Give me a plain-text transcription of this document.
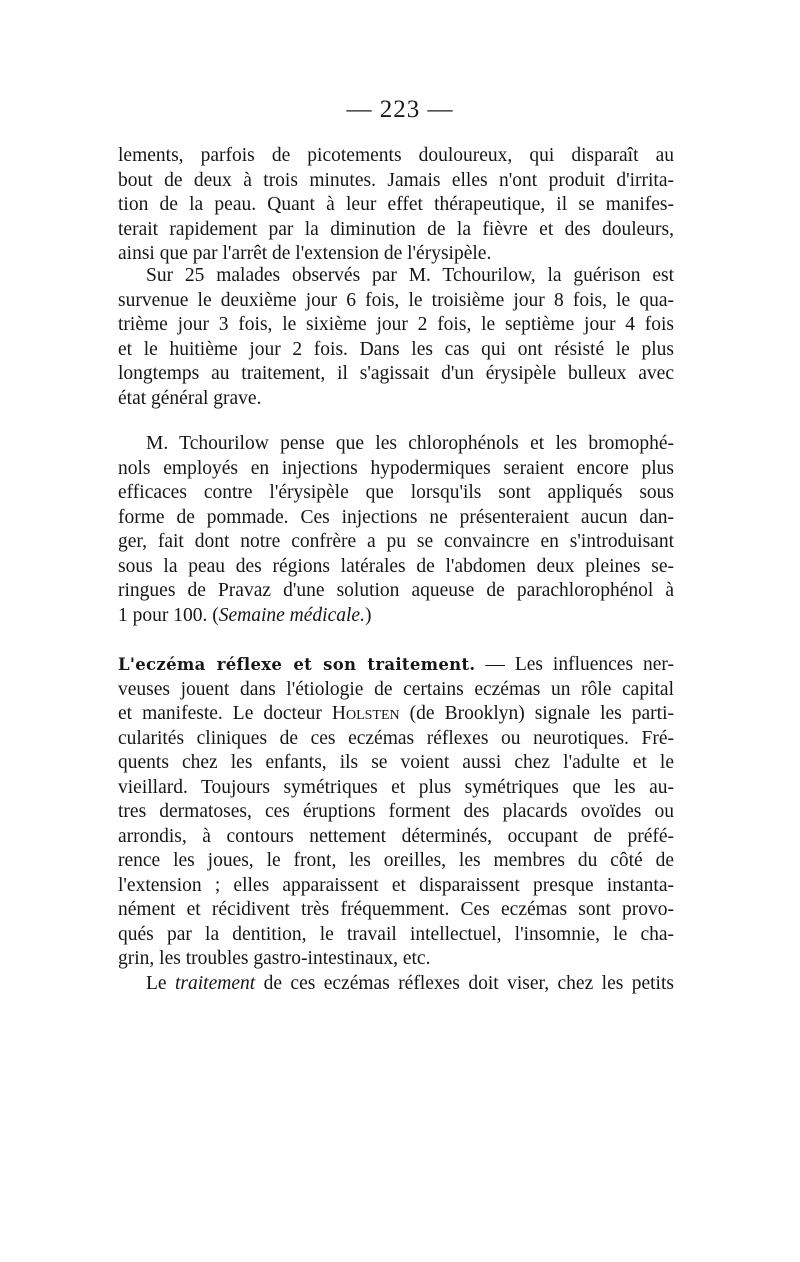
— 223 —

lements, parfois de picotements douloureux, qui disparaît au

bout de deux à trois minutes. Jamais elles n'ont produit d'irrita-

tion de la peau. Quant à leur effet thérapeutique, il se manifes-

terait rapidement par la diminution de la fièvre et des douleurs,

ainsi que par l'arrêt de l'extension de l'érysipèle.

Sur 25 malades observés par M. Tchourilow, la guérison est

survenue le deuxième jour 6 fois, le troisième jour 8 fois, le qua-

trième jour 3 fois, le sixième jour 2 fois, le septième jour 4 fois

et le huitième jour 2 fois. Dans les cas qui ont résisté le plus

longtemps au traitement, il s'agissait d'un érysipèle bulleux avec

état général grave.

M. Tchourilow pense que les chlorophénols et les bromophé-

nols employés en injections hypodermiques seraient encore plus

efficaces contre l'érysipèle que lorsqu'ils sont appliqués sous

forme de pommade. Ces injections ne présenteraient aucun dan-

ger, fait dont notre confrère a pu se convaincre en s'introduisant

sous la peau des régions latérales de l'abdomen deux pleines se-

ringues de Pravaz d'une solution aqueuse de parachlorophénol à

1 pour 100. (Semaine médicale.)

L'eczéma réflexe et son traitement. — Les influences ner-

veuses jouent dans l'étiologie de certains eczémas un rôle capital

et manifeste. Le docteur Holsten (de Brooklyn) signale les parti-

cularités cliniques de ces eczémas réflexes ou neurotiques. Fré-

quents chez les enfants, ils se voient aussi chez l'adulte et le

vieillard. Toujours symétriques et plus symétriques que les au-

tres dermatoses, ces éruptions forment des placards ovoïdes ou

arrondis, à contours nettement déterminés, occupant de préfé-

rence les joues, le front, les oreilles, les membres du côté de

l'extension ; elles apparaissent et disparaissent presque instanta-

nément et récidivent très fréquemment. Ces eczémas sont provo-

qués par la dentition, le travail intellectuel, l'insomnie, le cha-

grin, les troubles gastro-intestinaux, etc.

Le traitement de ces eczémas réflexes doit viser, chez les petits
